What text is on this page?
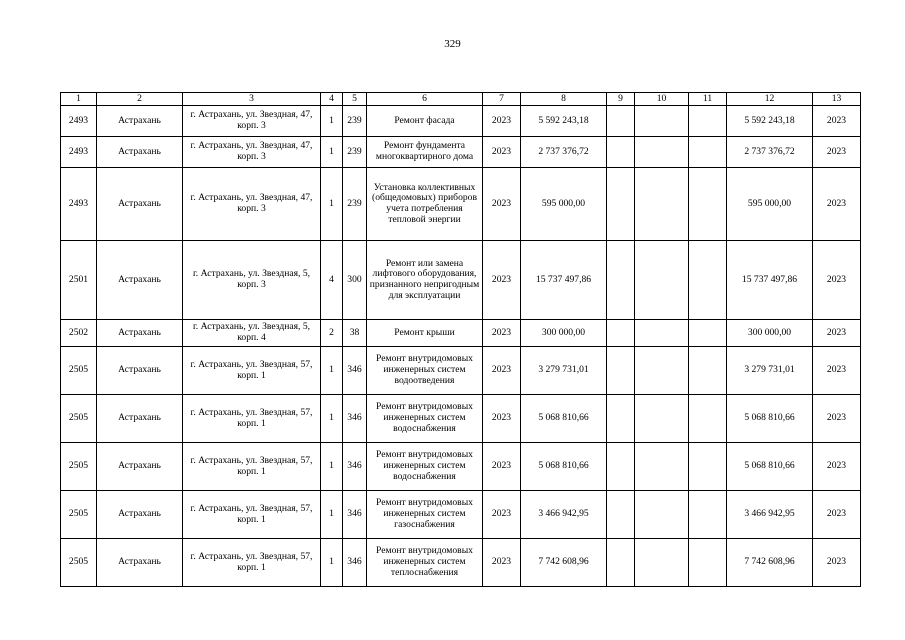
329
1	2	3	4	5	6	7	8	9	10	11	12	13
2493	Астрахань	г. Астрахань, ул. Звездная, 47, корп. 3	1	239	Ремонт фасада	2023	5 592 243,18				5 592 243,18	2023
2493	Астрахань	г. Астрахань, ул. Звездная, 47, корп. 3	1	239	Ремонт фундамента многоквартирного дома	2023	2 737 376,72				2 737 376,72	2023
2493	Астрахань	г. Астрахань, ул. Звездная, 47, корп. 3	1	239	Установка коллективных (общедомовых) приборов учета потребления тепловой энергии	2023	595 000,00				595 000,00	2023
2501	Астрахань	г. Астрахань, ул. Звездная, 5, корп. 3	4	300	Ремонт или замена лифтового оборудования, признанного непригодным для эксплуатации	2023	15 737 497,86				15 737 497,86	2023
2502	Астрахань	г. Астрахань, ул. Звездная, 5, корп. 4	2	38	Ремонт крыши	2023	300 000,00				300 000,00	2023
2505	Астрахань	г. Астрахань, ул. Звездная, 57, корп. 1	1	346	Ремонт внутридомовых инженерных систем водоотведения	2023	3 279 731,01				3 279 731,01	2023
2505	Астрахань	г. Астрахань, ул. Звездная, 57, корп. 1	1	346	Ремонт внутридомовых инженерных систем водоснабжения	2023	5 068 810,66				5 068 810,66	2023
2505	Астрахань	г. Астрахань, ул. Звездная, 57, корп. 1	1	346	Ремонт внутридомовых инженерных систем водоснабжения	2023	5 068 810,66				5 068 810,66	2023
2505	Астрахань	г. Астрахань, ул. Звездная, 57, корп. 1	1	346	Ремонт внутридомовых инженерных систем газоснабжения	2023	3 466 942,95				3 466 942,95	2023
2505	Астрахань	г. Астрахань, ул. Звездная, 57, корп. 1	1	346	Ремонт внутридомовых инженерных систем теплоснабжения	2023	7 742 608,96				7 742 608,96	2023
